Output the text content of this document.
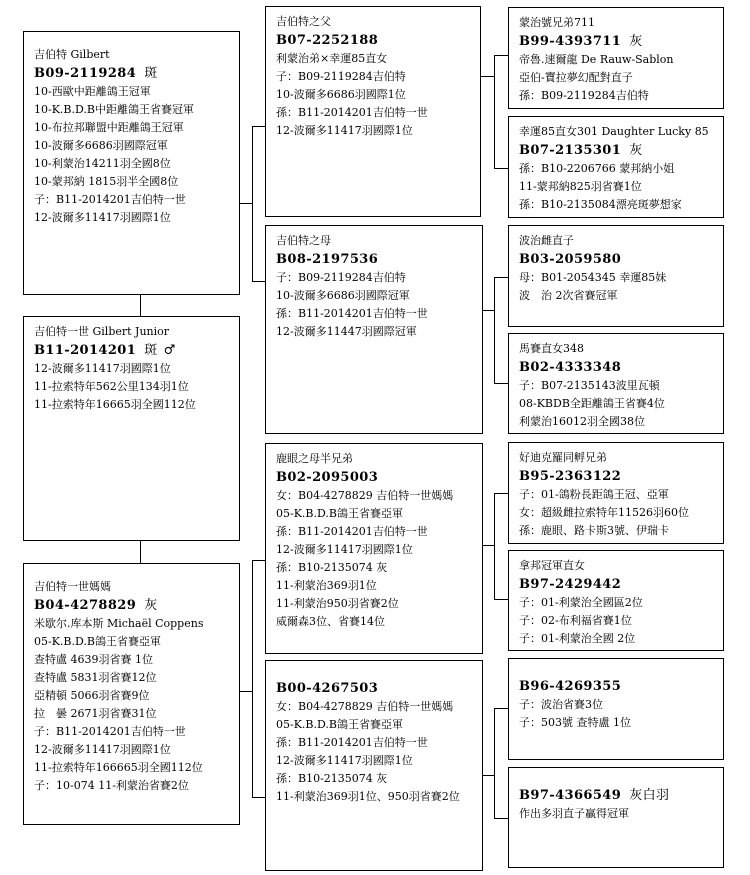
吉伯特 Gilbert
B09-2119284 斑
10-西歐中距離鴿王冠軍
10-K.B.D.B中距離鴿王省賽冠軍
10-布拉邦聯盟中距離鴿王冠軍
10-波爾多6686羽國際冠軍
10-利蒙治14211羽全國8位
10-蒙邦納 1815羽半全國8位
子：B11-2014201吉伯特一世
12-波爾多11417羽國際1位
吉伯特一世 Gilbert Junior
B11-2014201 斑 ♂
12-波爾多11417羽國際1位
11-拉索特年562公里134羽1位
11-拉索特年16665羽全國112位
吉伯特一世媽媽
B04-4278829 灰
米歇尔.库本斯 Michaël Coppens
05-K.B.D.B鴿王省賽亞軍
查特盧 4639羽省賽 1位
查特盧 5831羽省賽12位
亞精頓 5066羽省賽9位
拉　曇 2671羽省賽31位
子：B11-2014201吉伯特一世
12-波爾多11417羽國際1位
11-拉索特年166665羽全國112位
子：10-074 11-利蒙治省賽2位
吉伯特之父
B07-2252188
利蒙治弟×幸運85直女
子：B09-2119284吉伯特
10-波爾多6686羽國際1位
孫：B11-2014201吉伯特一世
12-波爾多11417羽國際1位
吉伯特之母
B08-2197536
子：B09-2119284吉伯特
10-波爾多6686羽國際冠軍
孫：B11-2014201吉伯特一世
12-波爾多11447羽國際冠軍
鹿眼之母半兄弟
B02-2095003
女：B04-4278829 吉伯特一世媽媽
05-K.B.D.B鴿王省賽亞軍
孫：B11-2014201吉伯特一世
12-波爾多11417羽國際1位
孫：B10-2135074 灰
11-利蒙治369羽1位
11-利蒙治950羽省賽2位
威爾森3位、省賽14位
B00-4267503
女：B04-4278829 吉伯特一世媽媽
05-K.B.D.B鴿王省賽亞軍
孫：B11-2014201吉伯特一世
12-波爾多11417羽國際1位
孫：B10-2135074 灰
11-利蒙治369羽1位、950羽省賽2位
蒙治號兄弟711
B99-4393711 灰
帝魯.速爾龍 De Rauw-Sablon
亞伯-寶拉夢幻配對直子
孫：B09-2119284吉伯特
幸運85直女301 Daughter Lucky 85
B07-2135301 灰
孫：B10-2206766 蒙邦納小姐
11-蒙邦納825羽省賽1位
孫：B10-2135084漂亮斑夢想家
波治雌直子
B03-2059580
母：B01-2054345 幸運85妹
波　治 2次省賽冠軍
馬賽直女348
B02-4333348
子：B07-2135143波里瓦頓
08-KBDB全距離鴿王省賽4位
利蒙治16012羽全國38位
好迪克羅同孵兄弟
B95-2363122
子：01-鴿粉長距鴿王冠、亞軍
女：超級雌拉索特年11526羽60位
孫：鹿眼、路卡斯3號、伊瑞卡
拿邦冠軍直女
B97-2429442
子：01-利蒙治全國區2位
子：02-布利福省賽1位
子：01-利蒙治全國 2位
B96-4269355
子：波治省賽3位
子：503號 查特盧 1位
B97-4366549 灰白羽
作出多羽直子贏得冠軍
